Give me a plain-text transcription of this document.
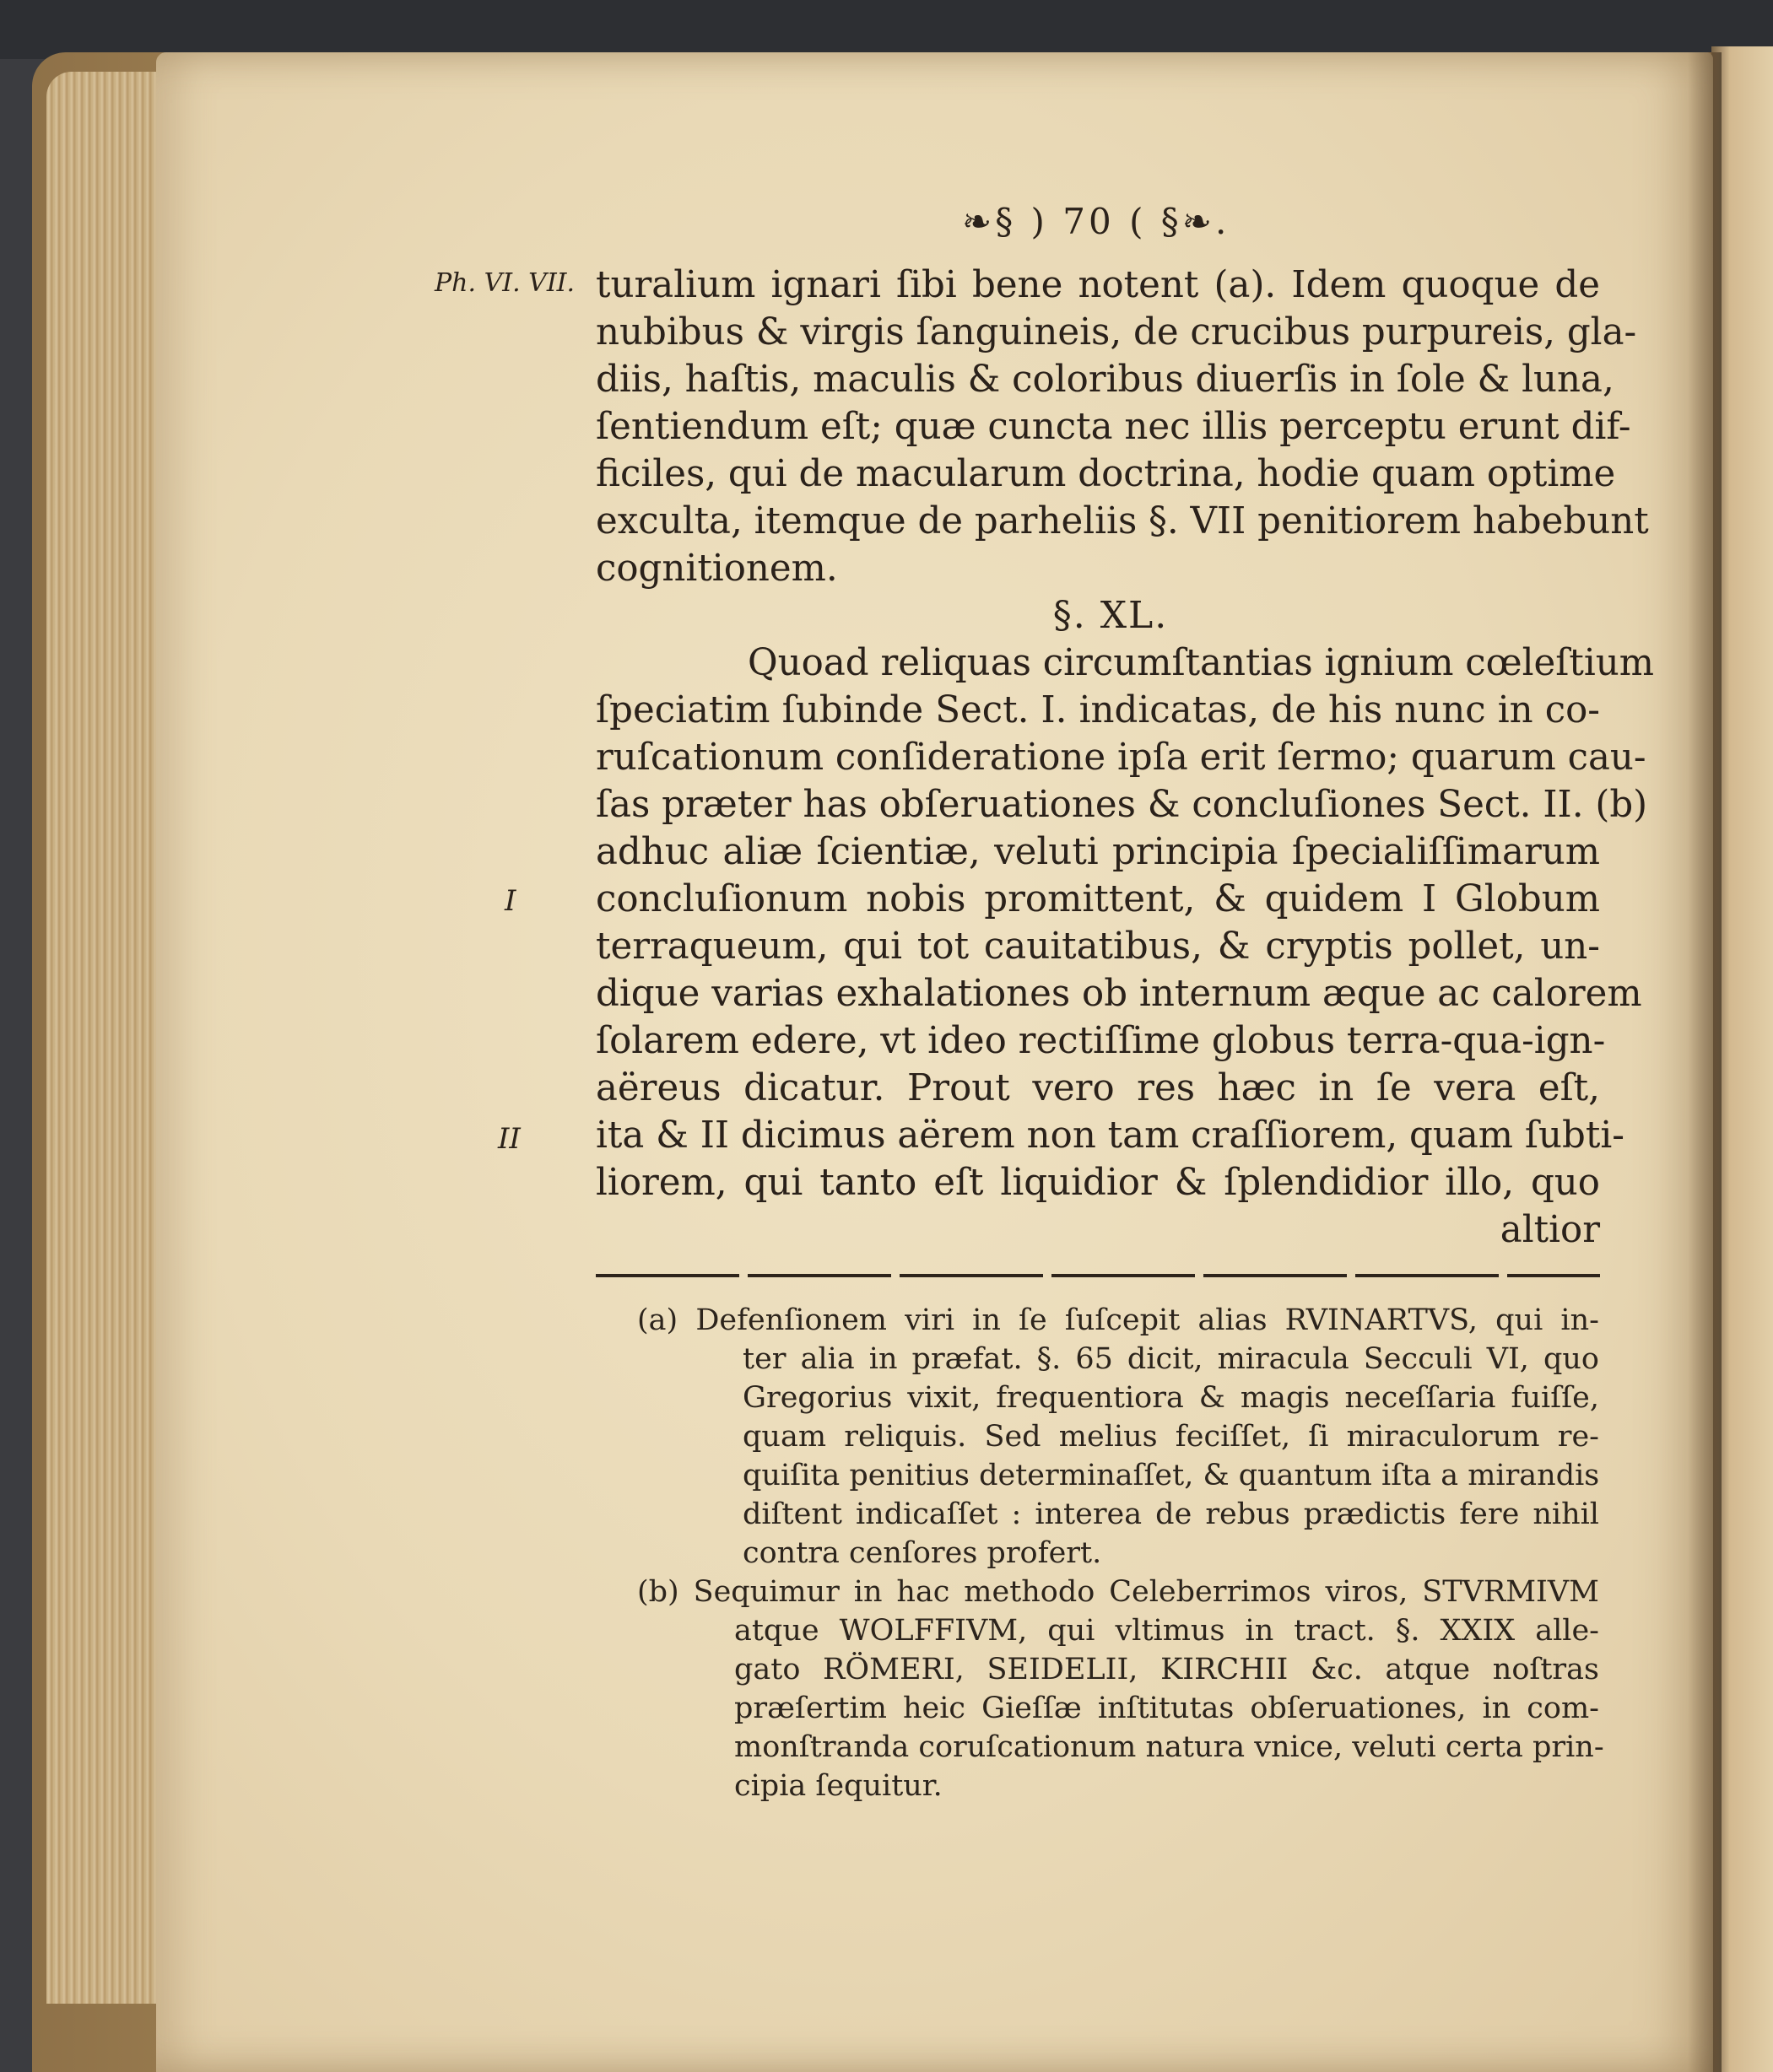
❧§ ) 70 ( §❧.
Ph. VI. VII.
I
II
turalium ignari ſibi bene notent (a). Idem quoque de
nubibus & virgis ſanguineis, de crucibus purpureis, gla-
diis, haſtis, maculis & coloribus diuerſis in ſole & luna,
ſentiendum eſt; quæ cuncta nec illis perceptu erunt dif-
ficiles, qui de macularum doctrina, hodie quam optime
exculta, itemque de parheliis §. VII penitiorem habebunt
cognitionem.
§. XL.
Quoad reliquas circumſtantias ignium cœleſtium
ſpeciatim ſubinde Sect. I. indicatas, de his nunc in co-
ruſcationum conſideratione ipſa erit ſermo; quarum cau-
ſas præter has obſeruationes & concluſiones Sect. II. (b)
adhuc aliæ ſcientiæ, veluti principia ſpecialiſſimarum
concluſionum nobis promittent, & quidem I Globum
terraqueum, qui tot cauitatibus, & cryptis pollet, un-
dique varias exhalationes ob internum æque ac calorem
ſolarem edere, vt ideo rectiſſime globus terra-qua-ign-
aëreus dicatur. Prout vero res hæc in ſe vera eſt,
ita & II dicimus aërem non tam craſſiorem, quam ſubti-
liorem, qui tanto eſt liquidior & ſplendidior illo, quo
altior
(a) Defenſionem viri in ſe ſuſcepit alias RVINARTVS, qui in-
ter alia in præfat. §. 65 dicit, miracula Secculi VI, quo
Gregorius vixit, frequentiora & magis neceſſaria fuiſſe,
quam reliquis. Sed melius feciſſet, ſi miraculorum re-
quiſita penitius determinaſſet, & quantum iſta a mirandis
diſtent indicaſſet : interea de rebus prædictis fere nihil
contra cenſores profert.
(b) Sequimur in hac methodo Celeberrimos viros, STVRMIVM
atque WOLFFIVM, qui vltimus in tract. §. XXIX alle-
gato RÖMERI, SEIDELII, KIRCHII &c. atque noſtras
præſertim heic Gieſſæ inſtitutas obſeruationes, in com-
monſtranda coruſcationum natura vnice, veluti certa prin-
cipia ſequitur.
